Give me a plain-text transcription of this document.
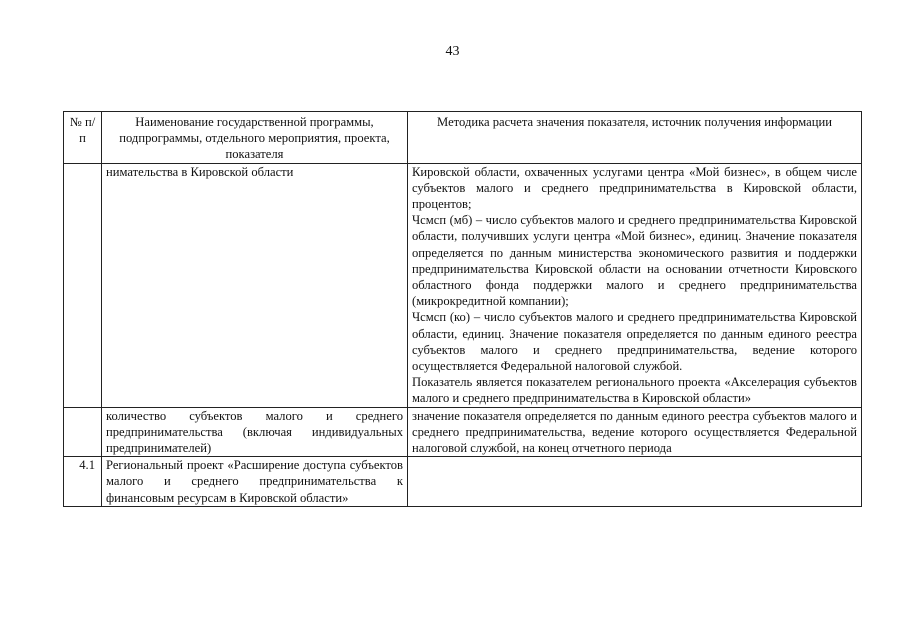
43
№ п/п	Наименование государственной программы, подпрограммы, отдельного мероприятия, проекта, показателя	Методика расчета значения показателя, источник получения информации
	нимательства в Кировской области	Кировской области, охваченных услугами центра «Мой бизнес», в общем числе субъектов малого и среднего предпринимательства в Кировской области, процентов;
Чсмсп (мб) – число субъектов малого и среднего предпринимательства Кировской области, получивших услуги центра «Мой бизнес», единиц. Значение показателя определяется по данным министерства экономического развития и поддержки предпринимательства Кировской области на основании отчетности Кировского областного фонда поддержки малого и среднего предпринимательства (микрокредитной компании);
Чсмсп (ко) – число субъектов малого и среднего предпринимательства Кировской области, единиц. Значение показателя определяется по данным единого реестра субъектов малого и среднего предпринимательства, ведение которого осуществляется Федеральной налоговой службой.
Показатель является показателем регионального проекта «Акселерация субъектов малого и среднего предпринимательства в Кировской области»

	количество субъектов малого и среднего предпринимательства (включая индивидуальных предпринимателей)	значение показателя определяется по данным единого реестра субъектов малого и среднего предпринимательства, ведение которого осуществляется Федеральной налоговой службой, на конец отчетного периода

4.1	Региональный проект «Расширение доступа субъектов малого и среднего предпринимательства к финансовым ресурсам в Кировской области»	
